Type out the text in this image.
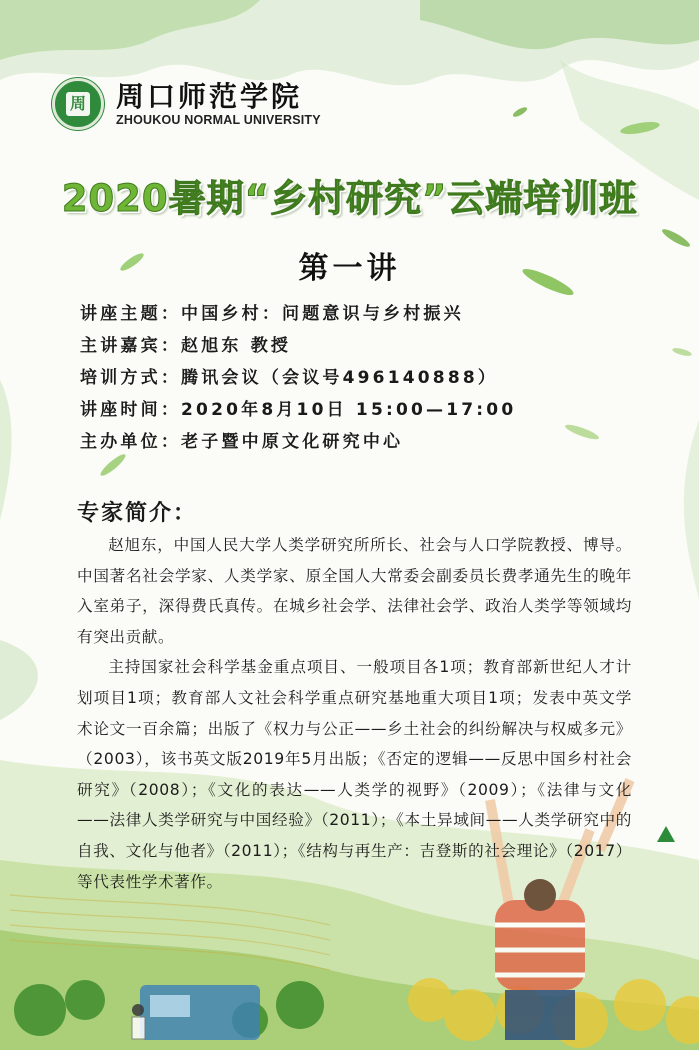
周 周口师范学院
ZHOUKOU NORMAL UNIVERSITY
2020暑期“乡村研究”云端培训班
第一讲
讲座主题 ： 中国乡村：问题意识与乡村振兴
主讲嘉宾 ： 赵旭东 教授
培训方式 ： 腾讯会议（会议号496140888）
讲座时间 ： 2020年8月10日 15:00—17:00
主办单位 ： 老子暨中原文化研究中心
专家简介 ：

赵旭东，中国人民大学人类学研究所所长、社会与人口学院教授、博导。中国著名社会学家、人类学家、原全国人大常委会副委员长费孝通先生的晚年入室弟子，深得费氏真传。在城乡社会学、法律社会学、政治人类学等领域均有突出贡献。

主持国家社会科学基金重点项目、一般项目各1项；教育部新世纪人才计划项目1项；教育部人文社会科学重点研究基地重大项目1项；发表中英文学术论文一百余篇；出版了《权力与公正——乡土社会的纠纷解决与权威多元》（2003），该书英文版2019年5月出版；《否定的逻辑——反思中国乡村社会研究》（2008）；《文化的表达——人类学的视野》（2009）；《法律与文化——法律人类学研究与中国经验》（2011）；《本土异域间——人类学研究中的自我、文化与他者》（2011）；《结构与再生产：吉登斯的社会理论》（2017）等代表性学术著作。
